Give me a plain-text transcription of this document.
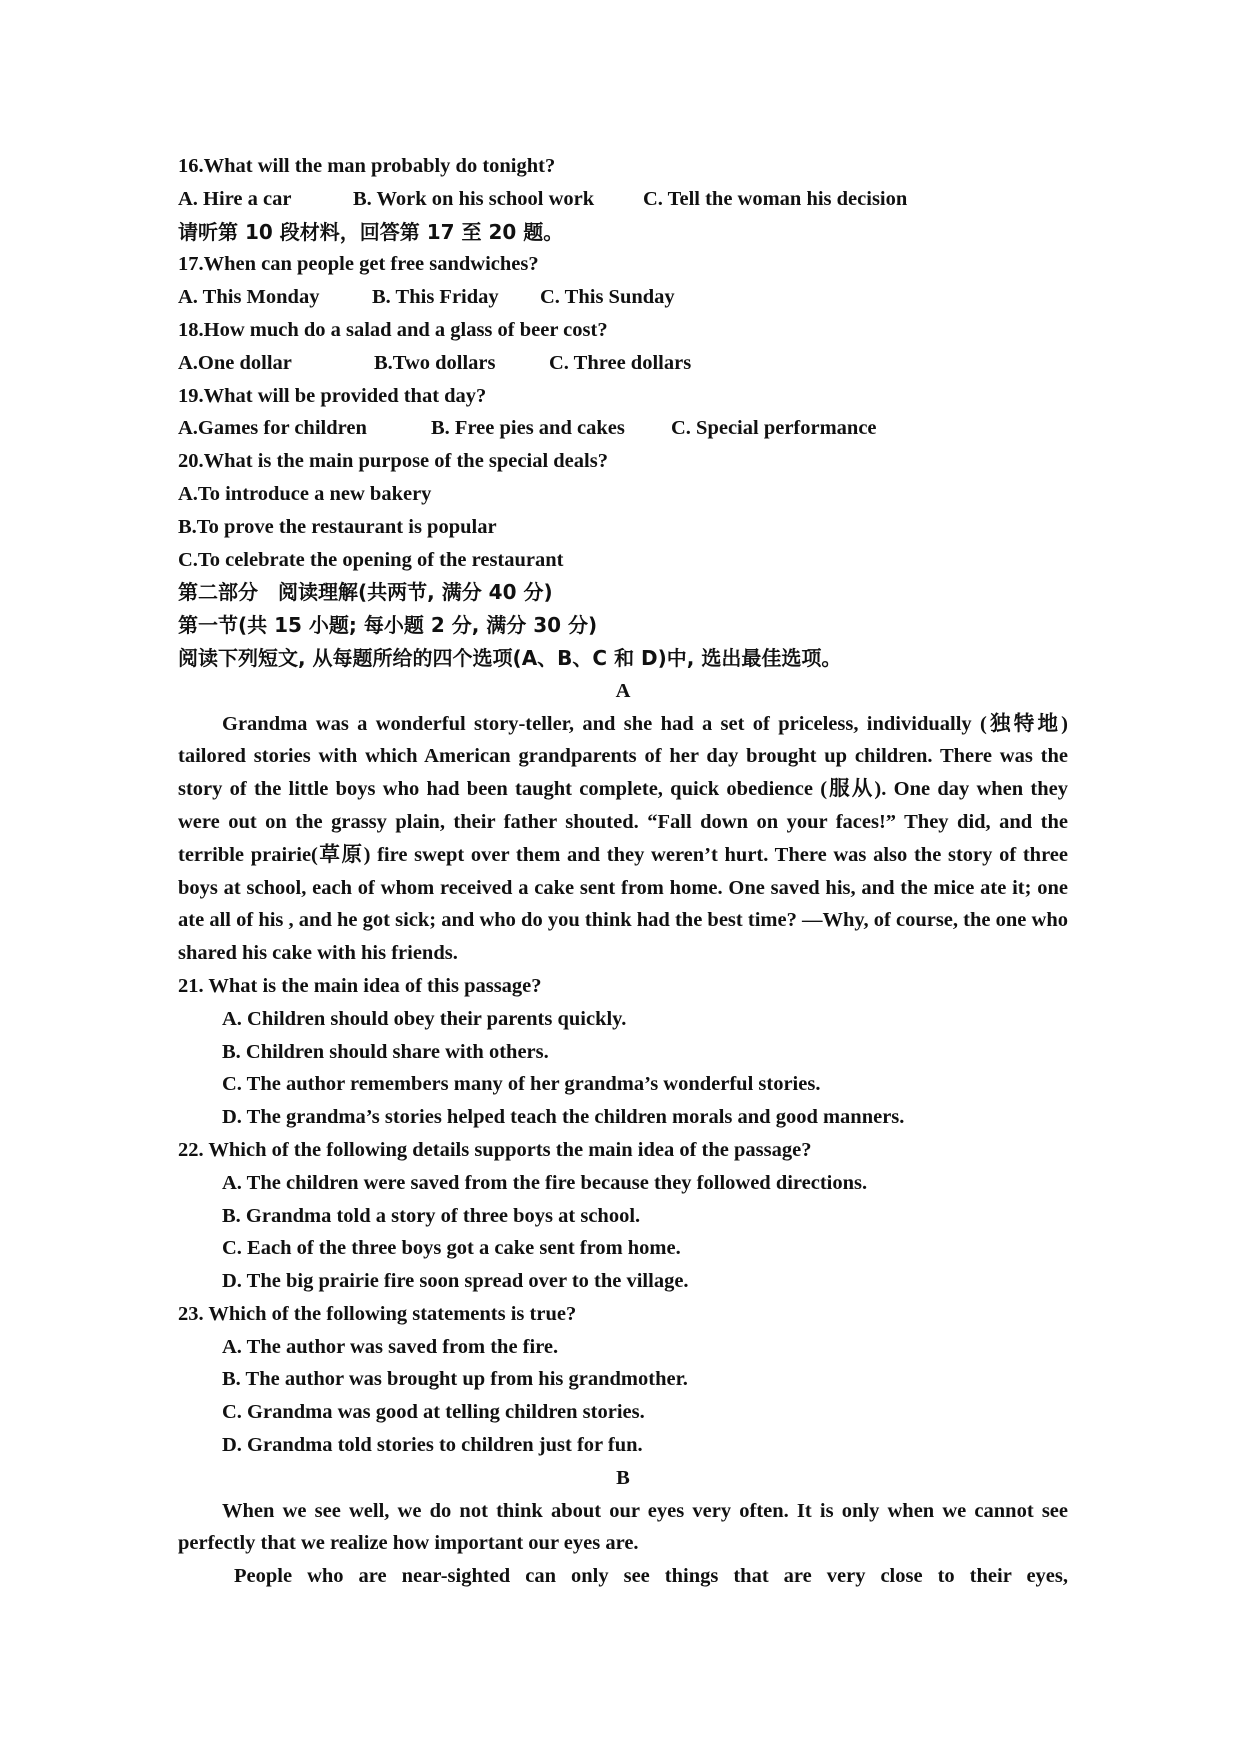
16.What will the man probably do tonight?
A. Hire a car	B. Work on his school work C. Tell the woman his decision
请听第 10 段材料，回答第 17 至 20 题。
17.When can people get free sandwiches?
A. This Monday	B. This Friday C. This Sunday
18.How much do a salad and a glass of beer cost?
A.One dollar	B.Two dollars	C. Three dollars
19.What will be provided that day?
A.Games for children	B. Free pies and cakes C. Special performance
20.What is the main purpose of the special deals?
A.To introduce a new bakery
B.To prove the restaurant is popular
C.To celebrate the opening of the restaurant
第二部分　阅读理解(共两节, 满分 40 分)
第一节(共 15 小题; 每小题 2 分, 满分 30 分)
阅读下列短文, 从每题所给的四个选项(A、B、C 和 D)中, 选出最佳选项。
A

Grandma was a wonderful story-teller, and she had a set of priceless, individually (独特地) tailored stories with which American grandparents of her day brought up children. There was the story of the little boys who had been taught complete, quick obedience (服从). One day when they were out on the grassy plain, their father shouted. “Fall down on your faces!” They did, and the terrible prairie(草原) fire swept over them and they weren’t hurt. There was also the story of three boys at school, each of whom received a cake sent from home. One saved his, and the mice ate it; one ate all of his , and he got sick; and who do you think had the best time? —Why, of course, the one who shared his cake with his friends.

21. What is the main idea of this passage?
A. Children should obey their parents quickly.
B. Children should share with others.
C. The author remembers many of her grandma’s wonderful stories.
D. The grandma’s stories helped teach the children morals and good manners.
22. Which of the following details supports the main idea of the passage?
A. The children were saved from the fire because they followed directions.
B. Grandma told a story of three boys at school.
C. Each of the three boys got a cake sent from home.
D. The big prairie fire soon spread over to the village.
23. Which of the following statements is true?
A. The author was saved from the fire.
B. The author was brought up from his grandmother.
C. Grandma was good at telling children stories.
D. Grandma told stories to children just for fun.
B

When we see well, we do not think about our eyes very often. It is only when we cannot see perfectly that we realize how important our eyes are.

People who are near-sighted can only see things that are very close to their eyes,
